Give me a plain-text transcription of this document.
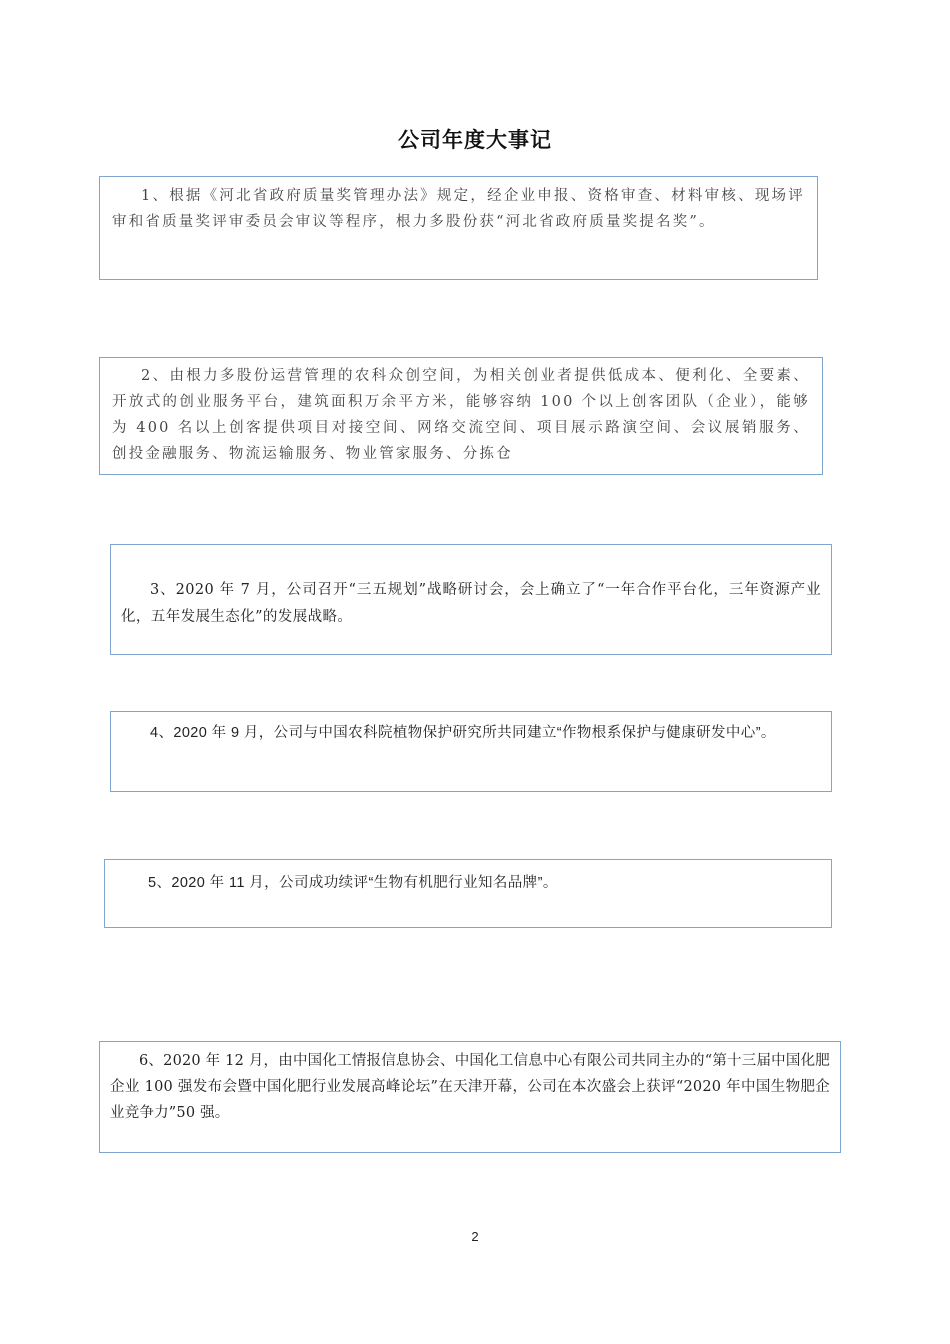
公司年度大事记

1、根据《河北省政府质量奖管理办法》规定，经企业申报、资格审查、材料审核、现场评审和省质量奖评审委员会审议等程序，根力多股份获“河北省政府质量奖提名奖”。

2、由根力多股份运营管理的农科众创空间，为相关创业者提供低成本、便利化、全要素、开放式的创业服务平台，建筑面积万余平方米，能够容纳 100 个以上创客团队（企业），能够为 400 名以上创客提供项目对接空间、网络交流空间、项目展示路演空间、会议展销服务、创投金融服务、物流运输服务、物业管家服务、分拣仓

3、2020 年 7 月，公司召开“三五规划”战略研讨会，会上确立了“一年合作平台化，三年资源产业化，五年发展生态化”的发展战略。

4、2020 年 9 月，公司与中国农科院植物保护研究所共同建立“作物根系保护与健康研发中心”。

5、2020 年 11 月，公司成功续评“生物有机肥行业知名品牌”。

6、2020 年 12 月，由中国化工情报信息协会、中国化工信息中心有限公司共同主办的“第十三届中国化肥企业 100 强发布会暨中国化肥行业发展高峰论坛”在天津开幕，公司在本次盛会上获评“2020 年中国生物肥企业竞争力”50 强。

2
